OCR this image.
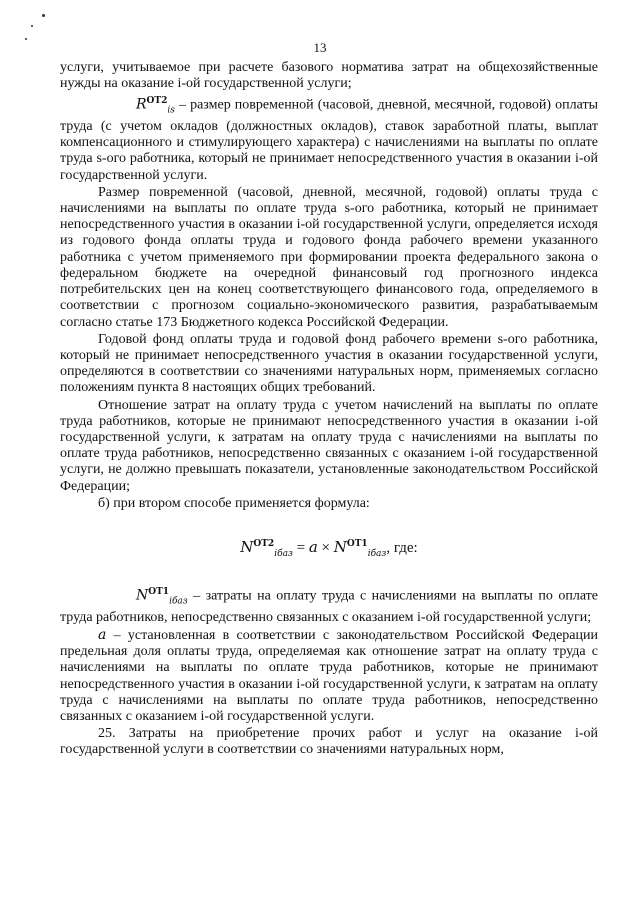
13

услуги, учитываемое при расчете базового норматива затрат на общехозяйственные нужды на оказание i-ой государственной услуги;

$R^{ОТ2}_{is}$ – размер повременной (часовой, дневной, месячной, годовой) оплаты труда (с учетом окладов (должностных окладов), ставок заработной платы, выплат компенсационного и стимулирующего характера) с начислениями на выплаты по оплате труда s-ого работника, который не принимает непосредственного участия в оказании i-ой государственной услуги.

Размер повременной (часовой, дневной, месячной, годовой) оплаты труда с начислениями на выплаты по оплате труда s-ого работника, который не принимает непосредственного участия в оказании i-ой государственной услуги, определяется исходя из годового фонда оплаты труда и годового фонда рабочего времени указанного работника с учетом применяемого при формировании проекта федерального закона о федеральном бюджете на очередной финансовый год прогнозного индекса потребительских цен на конец соответствующего финансового года, определяемого в соответствии с прогнозом социально-экономического развития, разрабатываемым согласно статье 173 Бюджетного кодекса Российской Федерации.

Годовой фонд оплаты труда и годовой фонд рабочего времени s-ого работника, который не принимает непосредственного участия в оказании государственной услуги, определяются в соответствии со значениями натуральных норм, применяемых согласно положениям пункта 8 настоящих общих требований.

Отношение затрат на оплату труда с учетом начислений на выплаты по оплате труда работников, которые не принимают непосредственного участия в оказании i-ой государственной услуги, к затратам на оплату труда с начислениями на выплаты по оплате труда работников, непосредственно связанных с оказанием i-ой государственной услуги, не должно превышать показатели, установленные законодательством Российской Федерации;

б) при втором способе применяется формула:

$N^{ОТ2}_{iбаз} = a \times N^{ОТ1}_{iбаз}$, где:

$N^{ОТ1}_{iбаз}$ – затраты на оплату труда с начислениями на выплаты по оплате труда работников, непосредственно связанных с оказанием i-ой государственной услуги;

a – установленная в соответствии с законодательством Российской Федерации предельная доля оплаты труда, определяемая как отношение затрат на оплату труда с начислениями на выплаты по оплате труда работников, которые не принимают непосредственного участия в оказании i-ой государственной услуги, к затратам на оплату труда с начислениями на выплаты по оплате труда работников, непосредственно связанных с оказанием i-ой государственной услуги.

25. Затраты на приобретение прочих работ и услуг на оказание i-ой государственной услуги в соответствии со значениями натуральных норм,
